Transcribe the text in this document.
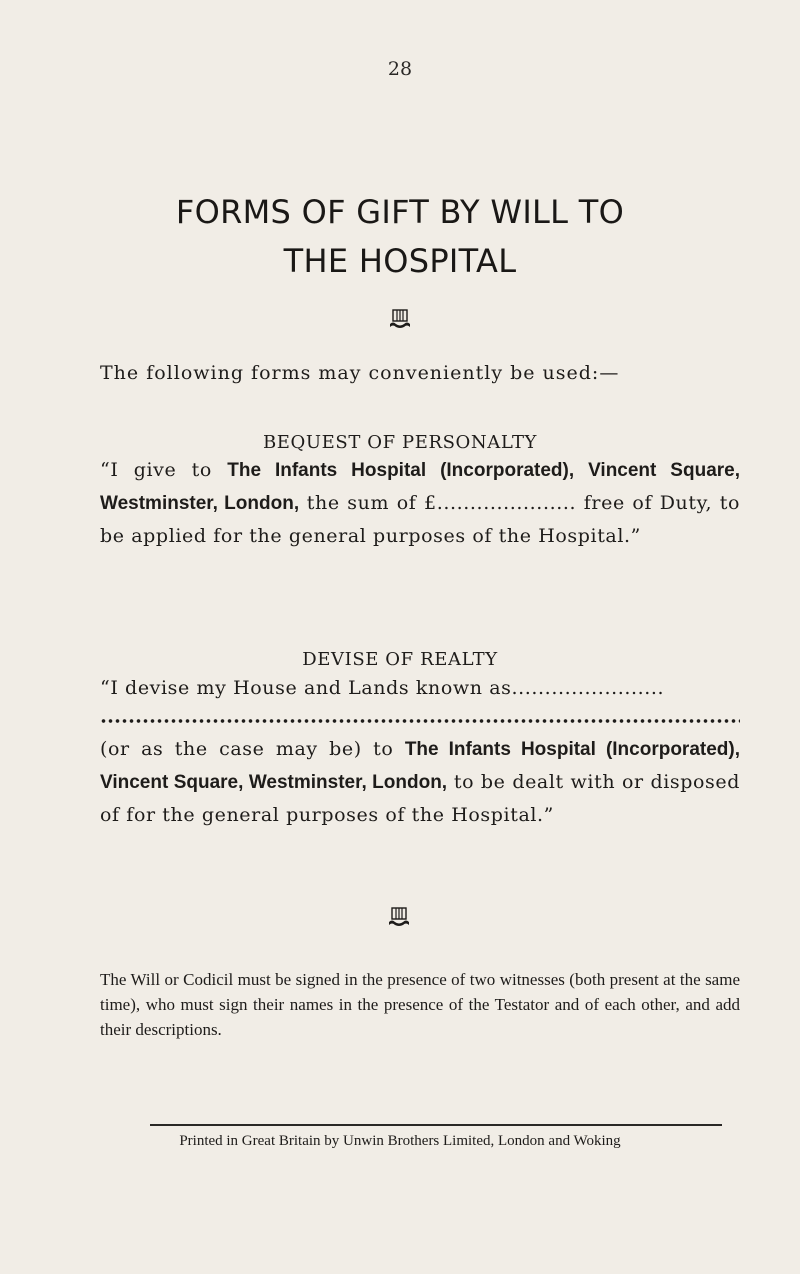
28
FORMS OF GIFT BY WILL TO
THE HOSPITAL
The following forms may conveniently be used:—
BEQUEST OF PERSONALTY
“I give to The Infants Hospital (Incorporated), Vincent Square, Westminster, London, the sum of £..................... free of Duty, to be applied for the general purposes of the Hospital.”
DEVISE OF REALTY
“I devise my House and Lands known as.......................
(or as the case may be) to The Infants Hospital (Incorporated), Vincent Square, Westminster, London, to be dealt with or disposed of for the general purposes of the Hospital.”
The Will or Codicil must be signed in the presence of two witnesses (both present at the same time), who must sign their names in the presence of the Testator and of each other, and add their descriptions.
Printed in Great Britain by Unwin Brothers Limited, London and Woking
